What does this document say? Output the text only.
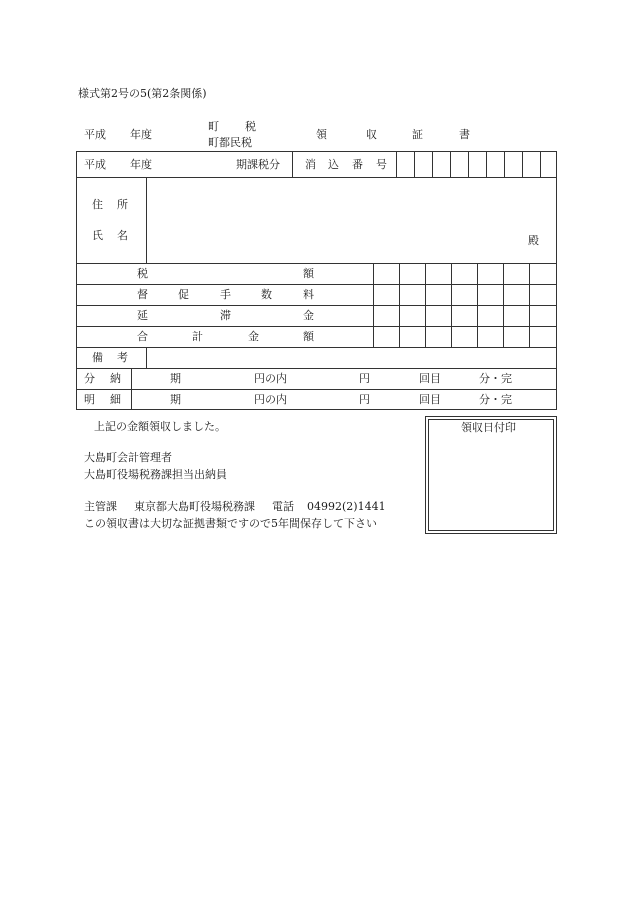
様式第2号の5(第2条関係)
平成 年度
町 税
町都民税
領	収	証	書
平成 年度	期課税分 消 込 番 号
住 所
氏 名	殿
税	額
督	促	手	数	料
延	滞	金
合	計	金	額
備 考
分 納	期	円の内	円	回目	分・完
明 細	期	円の内	円	回目	分・完
上記の金額領収しました。
大島町会計管理者
大島町役場税務課担当出納員
主管課 東京都大島町役場税務課 電話 04992(2)1441
この領収書は大切な証拠書類ですので5年間保存して下さい
領収日付印
